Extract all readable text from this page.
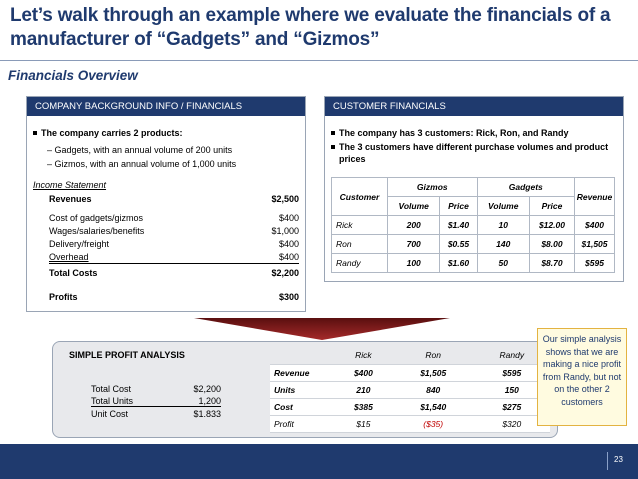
Let’s walk through an example where we evaluate the financials of a manufacturer of “Gadgets” and “Gizmos”
Financials Overview
COMPANY BACKGROUND INFO / FINANCIALS
The company carries 2 products:
– Gadgets, with an annual volume of 200 units
– Gizmos, with an annual volume of 1,000 units
Income Statement
Revenues	$2,500
Cost of gadgets/gizmos	$400
Wages/salaries/benefits	$1,000
Delivery/freight	$400
Overhead	$400
Total Costs	$2,200
Profits	$300
CUSTOMER FINANCIALS
The company has 3 customers: Rick, Ron, and Randy
The 3 customers have different purchase volumes and product prices
Customer	Gizmos		Gadgets		Revenue
	Volume	Price	Volume	Price	
Rick	200	$1.40	10	$12.00	$400
Ron	700	$0.55	140	$8.00	$1,505
Randy	100	$1.60	50	$8.70	$595
SIMPLE PROFIT ANALYSIS
Total Cost	$2,200
Total Units	1,200
Unit Cost	$1.833
	Rick	Ron	Randy
Revenue	$400	$1,505	$595
Units	210	840	150
Cost	$385	$1,540	$275
Profit	$15	($35)	$320
Our simple analysis shows that we are making a nice profit from Randy, but not on the other 2 customers
23
